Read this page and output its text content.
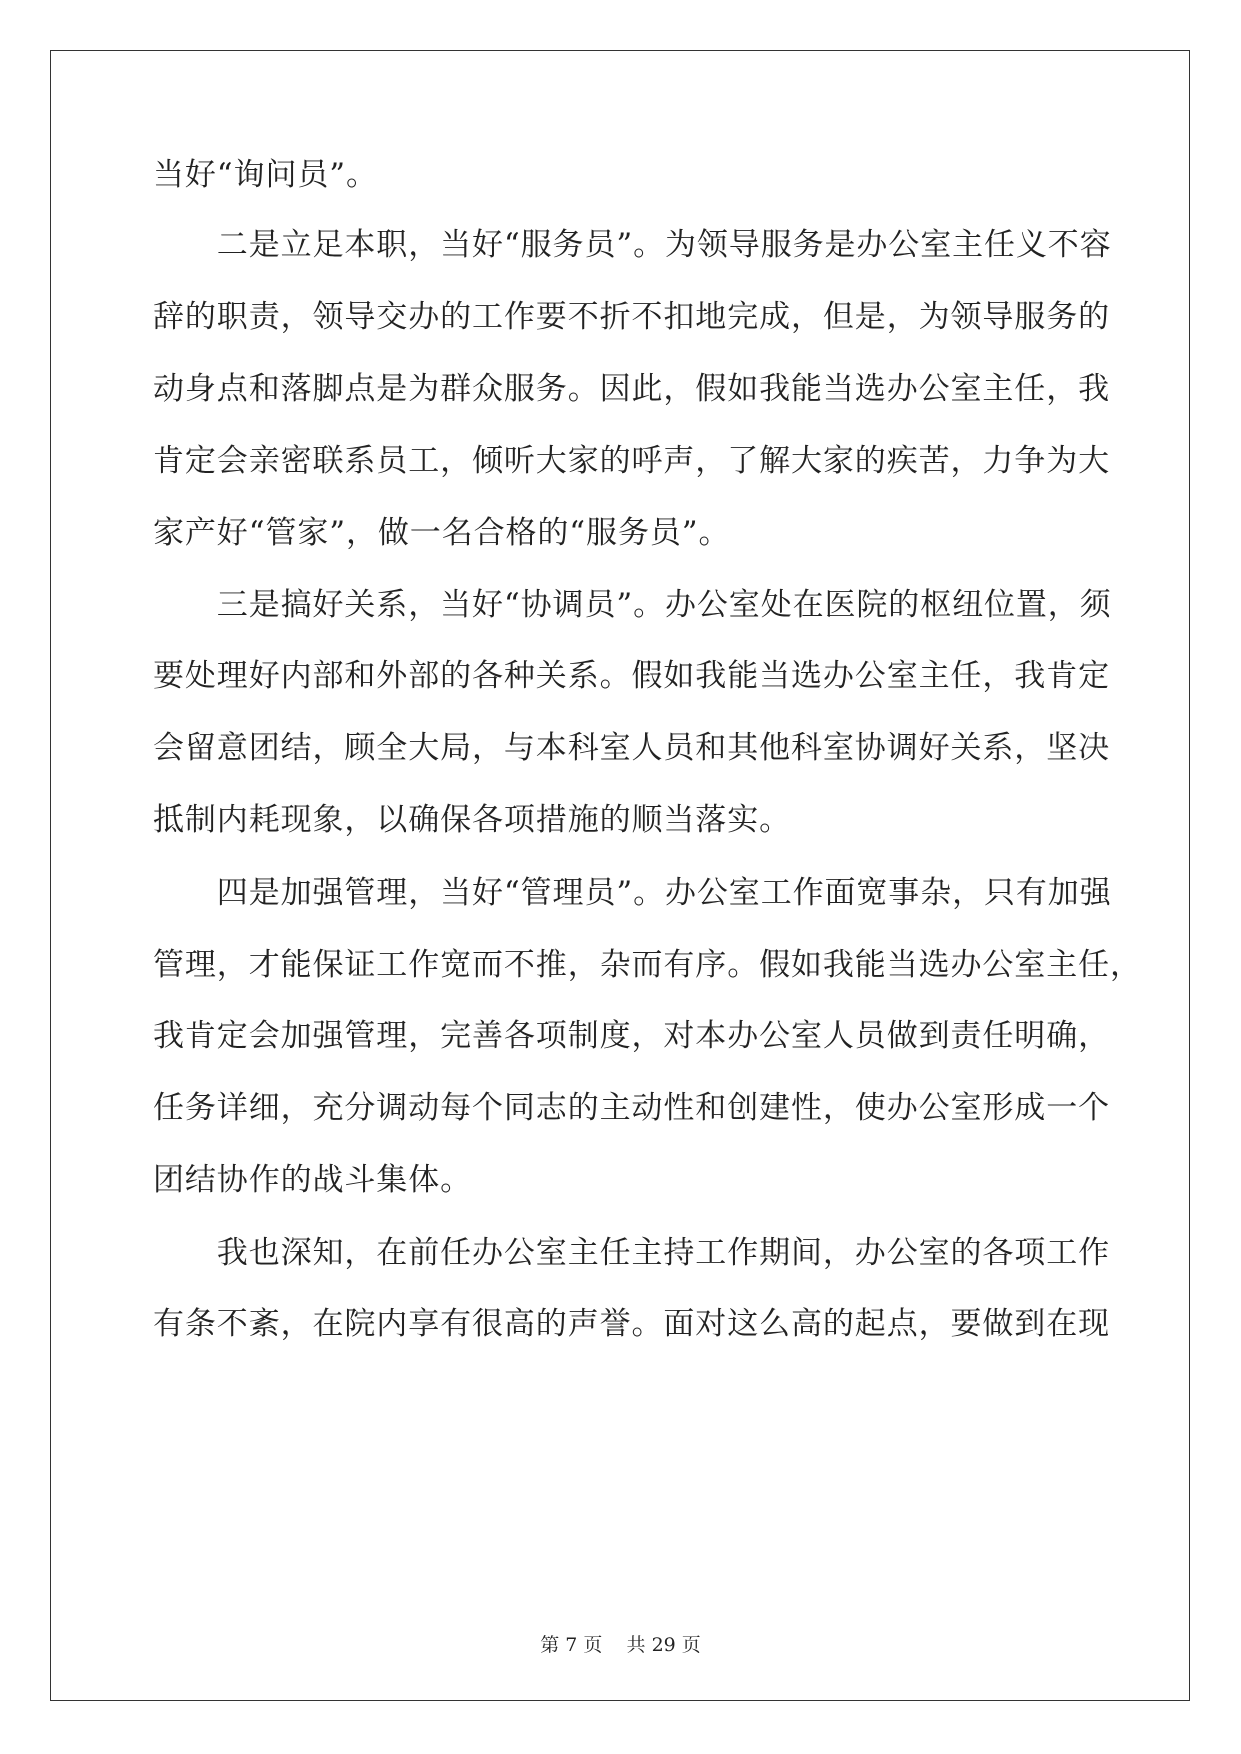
当好“询问员”。
　　二是立足本职，当好“服务员”。为领导服务是办公室主任义不容
辞的职责，领导交办的工作要不折不扣地完成，但是，为领导服务的
动身点和落脚点是为群众服务。因此，假如我能当选办公室主任，我
肯定会亲密联系员工，倾听大家的呼声，了解大家的疾苦，力争为大
家产好“管家”，做一名合格的“服务员”。
　　三是搞好关系，当好“协调员”。办公室处在医院的枢纽位置，须
要处理好内部和外部的各种关系。假如我能当选办公室主任，我肯定
会留意团结，顾全大局，与本科室人员和其他科室协调好关系，坚决
抵制内耗现象，以确保各项措施的顺当落实。
　　四是加强管理，当好“管理员”。办公室工作面宽事杂，只有加强
管理，才能保证工作宽而不推，杂而有序。假如我能当选办公室主任，
我肯定会加强管理，完善各项制度，对本办公室人员做到责任明确，
任务详细，充分调动每个同志的主动性和创建性，使办公室形成一个
团结协作的战斗集体。
　　我也深知，在前任办公室主任主持工作期间，办公室的各项工作
有条不紊，在院内享有很高的声誉。面对这么高的起点，要做到在现
第 7 页 共 29 页
